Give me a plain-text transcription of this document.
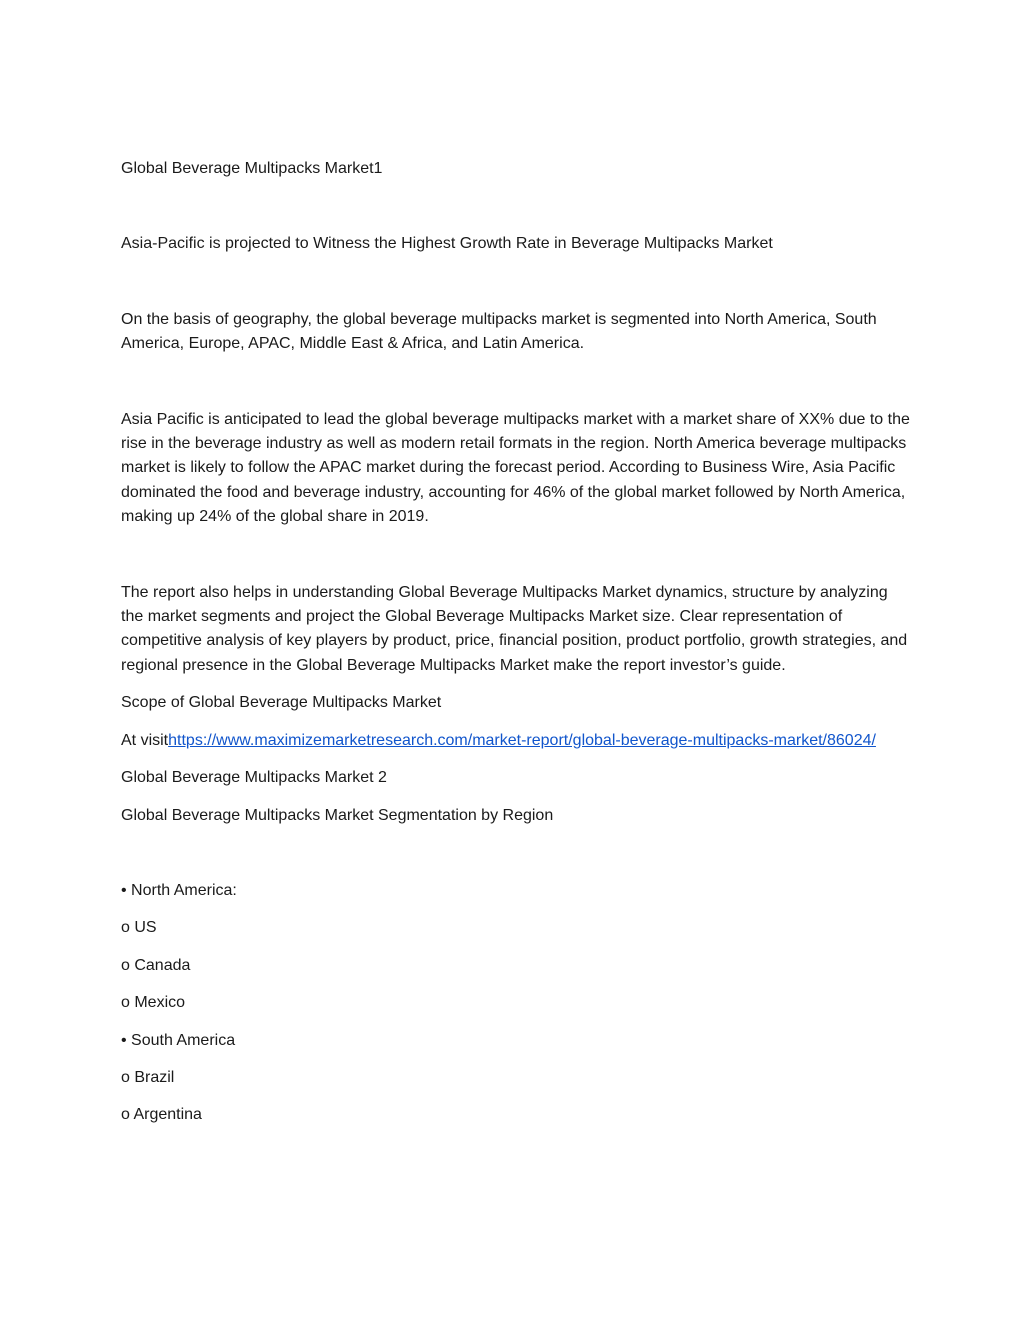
Global Beverage Multipacks Market1

Asia-Pacific is projected to Witness the Highest Growth Rate in Beverage Multipacks Market

On the basis of geography, the global beverage multipacks market is segmented into North America, South America, Europe, APAC, Middle East & Africa, and Latin America.

Asia Pacific is anticipated to lead the global beverage multipacks market with a market share of XX% due to the rise in the beverage industry as well as modern retail formats in the region. North America beverage multipacks market is likely to follow the APAC market during the forecast period. According to Business Wire, Asia Pacific dominated the food and beverage industry, accounting for 46% of the global market followed by North America, making up 24% of the global share in 2019.

The report also helps in understanding Global Beverage Multipacks Market dynamics, structure by analyzing the market segments and project the Global Beverage Multipacks Market size. Clear representation of competitive analysis of key players by product, price, financial position, product portfolio, growth strategies, and regional presence in the Global Beverage Multipacks Market make the report investor’s guide.

Scope of Global Beverage Multipacks Market

At visithttps://www.maximizemarketresearch.com/market-report/global-beverage-multipacks-market/86024/

Global Beverage Multipacks Market 2

Global Beverage Multipacks Market Segmentation by Region

• North America:

o US

o Canada

o Mexico

• South America

o Brazil

o Argentina
